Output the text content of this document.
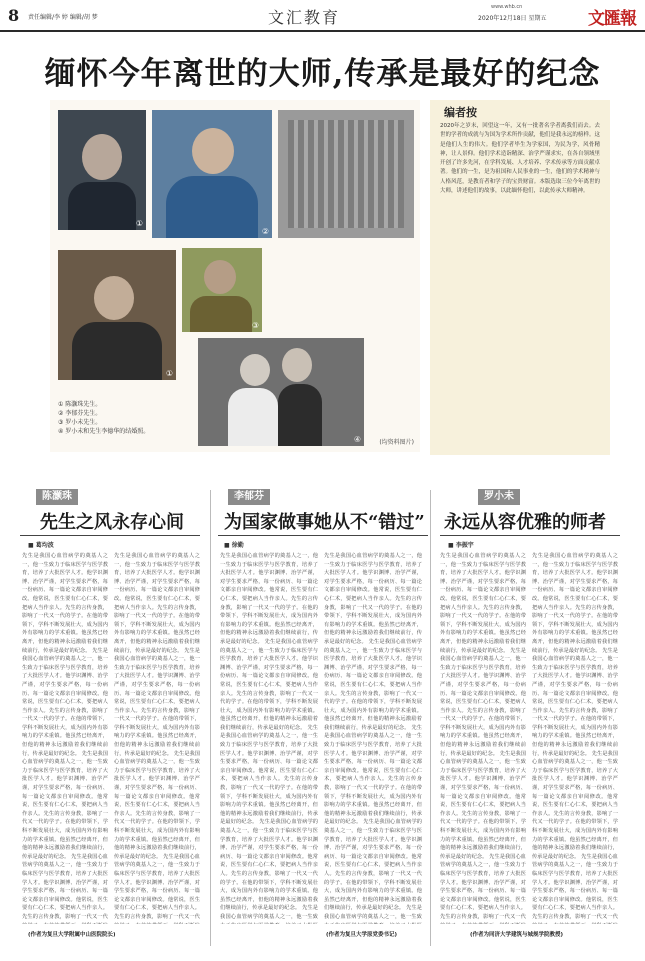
8 责任编辑/李 婷 编辑/胡 梦	文汇教育
www.whb.cn
2020年12月18日 星期五 文匯報
缅怀今年离世的大师,传承是最好的纪念
①
②
①
③
④
① 陈灏珠先生。
② 李郁芬先生。
③ 罗小未先生。
④ 罗小未和先生李德华的结婚照。
(均资料图片)
编者按
2020年之岁末，回望这一年，又有一批著名学者离我们而去。去世的学者的成就与为国为学术所作贡献，他们是我永远的榜样。这是他们人生的伟大。他们学者毕生为学家国，为民为学，风骨精神，让人景仰。他们学术造诣精深、治学严谨求实，在各自领域里开创了许多先河，在学科发展、人才培养、学术传承等方面贡献卓著。他们的一生，是为祖国和人民事业的一生，他们的学术精神与人格风范，是教育者和学子的宝贵财富。本版选取三位今年离世的大师，讲述他们的故事，以此缅怀他们，以此传承大师精神。
陈灏珠
先生之风永存心间
■ 葛均波
先生是我国心血管病学的奠基人之一，他一生致力于临床医学与医学教育，培养了大批医学人才。他学识渊博、治学严谨，对学生要求严格，每一份病历、每一篇论文都亲自审阅修改。他常说，医生要有仁心仁术，要把病人当作亲人。先生的言传身教，影响了一代又一代的学子。在他的带领下，学科不断发展壮大，成为国内外有影响力的学术重镇。他虽然已经离开，但他的精神永远激励着我们继续前行，传承是最好的纪念。 先生是我国心血管病学的奠基人之一，他一生致力于临床医学与医学教育，培养了大批医学人才。他学识渊博、治学严谨，对学生要求严格，每一份病历、每一篇论文都亲自审阅修改。他常说，医生要有仁心仁术，要把病人当作亲人。先生的言传身教，影响了一代又一代的学子。在他的带领下，学科不断发展壮大，成为国内外有影响力的学术重镇。他虽然已经离开，但他的精神永远激励着我们继续前行，传承是最好的纪念。 先生是我国心血管病学的奠基人之一，他一生致力于临床医学与医学教育，培养了大批医学人才。他学识渊博、治学严谨，对学生要求严格，每一份病历、每一篇论文都亲自审阅修改。他常说，医生要有仁心仁术，要把病人当作亲人。先生的言传身教，影响了一代又一代的学子。在他的带领下，学科不断发展壮大，成为国内外有影响力的学术重镇。他虽然已经离开，但他的精神永远激励着我们继续前行，传承是最好的纪念。 先生是我国心血管病学的奠基人之一，他一生致力于临床医学与医学教育，培养了大批医学人才。他学识渊博、治学严谨，对学生要求严格，每一份病历、每一篇论文都亲自审阅修改。他常说，医生要有仁心仁术，要把病人当作亲人。先生的言传身教，影响了一代又一代
先生是我国心血管病学的奠基人之一，他一生致力于临床医学与医学教育，培养了大批医学人才。他学识渊博、治学严谨，对学生要求严格，每一份病历、每一篇论文都亲自审阅修改。他常说，医生要有仁心仁术，要把病人当作亲人。先生的言传身教，影响了一代又一代的学子。在他的带领下，学科不断发展壮大，成为国内外有影响力的学术重镇。他虽然已经离开，但他的精神永远激励着我们继续前行，传承是最好的纪念。 先生是我国心血管病学的奠基人之一，他一生致力于临床医学与医学教育，培养了大批医学人才。他学识渊博、治学严谨，对学生要求严格，每一份病历、每一篇论文都亲自审阅修改。他常说，医生要有仁心仁术，要把病人当作亲人。先生的言传身教，影响了一代又一代的学子。在他的带领下，学科不断发展壮大，成为国内外有影响力的学术重镇。他虽然已经离开，但他的精神永远激励着我们继续前行，传承是最好的纪念。 先生是我国心血管病学的奠基人之一，他一生致力于临床医学与医学教育，培养了大批医学人才。他学识渊博、治学严谨，对学生要求严格，每一份病历、每一篇论文都亲自审阅修改。他常说，医生要有仁心仁术，要把病人当作亲人。先生的言传身教，影响了一代又一代的学子。在他的带领下，学科不断发展壮大，成为国内外有影响力的学术重镇。他虽然已经离开，但他的精神永远激励着我们继续前行，传承是最好的纪念。 先生是我国心血管病学的奠基人之一，他一生致力于临床医学与医学教育，培养了大批医学人才。他学识渊博、治学严谨，对学生要求严格，每一份病历、每一篇论文都亲自审阅修改。他常说，医生要有仁心仁术，要把病人当作亲人。先生的言传身教，影响了一代又一代
(作者为复旦大学附属中山医院院长)
李郁芬
为国家做事她从不“错过”
■ 徐勤
先生是我国心血管病学的奠基人之一，他一生致力于临床医学与医学教育，培养了大批医学人才。他学识渊博、治学严谨，对学生要求严格，每一份病历、每一篇论文都亲自审阅修改。他常说，医生要有仁心仁术，要把病人当作亲人。先生的言传身教，影响了一代又一代的学子。在他的带领下，学科不断发展壮大，成为国内外有影响力的学术重镇。他虽然已经离开，但他的精神永远激励着我们继续前行，传承是最好的纪念。 先生是我国心血管病学的奠基人之一，他一生致力于临床医学与医学教育，培养了大批医学人才。他学识渊博、治学严谨，对学生要求严格，每一份病历、每一篇论文都亲自审阅修改。他常说，医生要有仁心仁术，要把病人当作亲人。先生的言传身教，影响了一代又一代的学子。在他的带领下，学科不断发展壮大，成为国内外有影响力的学术重镇。他虽然已经离开，但他的精神永远激励着我们继续前行，传承是最好的纪念。 先生是我国心血管病学的奠基人之一，他一生致力于临床医学与医学教育，培养了大批医学人才。他学识渊博、治学严谨，对学生要求严格，每一份病历、每一篇论文都亲自审阅修改。他常说，医生要有仁心仁术，要把病人当作亲人。先生的言传身教，影响了一代又一代的学子。在他的带领下，学科不断发展壮大，成为国内外有影响力的学术重镇。他虽然已经离开，但他的精神永远激励着我们继续前行，传承是最好的纪念。 先生是我国心血管病学的奠基人之一，他一生致力于临床医学与医学教育，培养了大批医学人才。他学识渊博、治学严谨，对学生要求严格，每一份病历、每一篇论文都亲自审阅修改。他常说，医生要有仁心仁术，要把病人当作亲人。先生的言传身教，影响了一代又一代的学子。在他的带领下，学科不断发展壮大，成为国内外有影响力的学术重镇。他虽然已经离开，但他的精神永远激励着我们继续前行，传承是最好的纪念。 先生是我国心血管病学的奠基人之一，他一生致
先生是我国心血管病学的奠基人之一，他一生致力于临床医学与医学教育，培养了大批医学人才。他学识渊博、治学严谨，对学生要求严格，每一份病历、每一篇论文都亲自审阅修改。他常说，医生要有仁心仁术，要把病人当作亲人。先生的言传身教，影响了一代又一代的学子。在他的带领下，学科不断发展壮大，成为国内外有影响力的学术重镇。他虽然已经离开，但他的精神永远激励着我们继续前行，传承是最好的纪念。 先生是我国心血管病学的奠基人之一，他一生致力于临床医学与医学教育，培养了大批医学人才。他学识渊博、治学严谨，对学生要求严格，每一份病历、每一篇论文都亲自审阅修改。他常说，医生要有仁心仁术，要把病人当作亲人。先生的言传身教，影响了一代又一代的学子。在他的带领下，学科不断发展壮大，成为国内外有影响力的学术重镇。他虽然已经离开，但他的精神永远激励着我们继续前行，传承是最好的纪念。 先生是我国心血管病学的奠基人之一，他一生致力于临床医学与医学教育，培养了大批医学人才。他学识渊博、治学严谨，对学生要求严格，每一份病历、每一篇论文都亲自审阅修改。他常说，医生要有仁心仁术，要把病人当作亲人。先生的言传身教，影响了一代又一代的学子。在他的带领下，学科不断发展壮大，成为国内外有影响力的学术重镇。他虽然已经离开，但他的精神永远激励着我们继续前行，传承是最好的纪念。 先生是我国心血管病学的奠基人之一，他一生致力于临床医学与医学教育，培养了大批医学人才。他学识渊博、治学严谨，对学生要求严格，每一份病历、每一篇论文都亲自审阅修改。他常说，医生要有仁心仁术，要把病人当作亲人。先生的言传身教，影响了一代又一代的学子。在他的带领下，学科不断发展壮大，成为国内外有影响力的学术重镇。他虽然已经离开，但他的精神永远激励着我们继续前行，传承是最好的纪念。 先生是我国心血管病学的奠基人之一，他一生致
(作者为复旦大学原党委书记)
罗小未
永远从容优雅的师者
■ 李振宇
先生是我国心血管病学的奠基人之一，他一生致力于临床医学与医学教育，培养了大批医学人才。他学识渊博、治学严谨，对学生要求严格，每一份病历、每一篇论文都亲自审阅修改。他常说，医生要有仁心仁术，要把病人当作亲人。先生的言传身教，影响了一代又一代的学子。在他的带领下，学科不断发展壮大，成为国内外有影响力的学术重镇。他虽然已经离开，但他的精神永远激励着我们继续前行，传承是最好的纪念。 先生是我国心血管病学的奠基人之一，他一生致力于临床医学与医学教育，培养了大批医学人才。他学识渊博、治学严谨，对学生要求严格，每一份病历、每一篇论文都亲自审阅修改。他常说，医生要有仁心仁术，要把病人当作亲人。先生的言传身教，影响了一代又一代的学子。在他的带领下，学科不断发展壮大，成为国内外有影响力的学术重镇。他虽然已经离开，但他的精神永远激励着我们继续前行，传承是最好的纪念。 先生是我国心血管病学的奠基人之一，他一生致力于临床医学与医学教育，培养了大批医学人才。他学识渊博、治学严谨，对学生要求严格，每一份病历、每一篇论文都亲自审阅修改。他常说，医生要有仁心仁术，要把病人当作亲人。先生的言传身教，影响了一代又一代的学子。在他的带领下，学科不断发展壮大，成为国内外有影响力的学术重镇。他虽然已经离开，但他的精神永远激励着我们继续前行，传承是最好的纪念。 先生是我国心血管病学的奠基人之一，他一生致力于临床医学与医学教育，培养了大批医学人才。他学识渊博、治学严谨，对学生要求严格，每一份病历、每一篇论文都亲自审阅修改。他常说，医生要有仁心仁术，要把病人当作亲人。先生的言传身教，影响了一代又一代
先生是我国心血管病学的奠基人之一，他一生致力于临床医学与医学教育，培养了大批医学人才。他学识渊博、治学严谨，对学生要求严格，每一份病历、每一篇论文都亲自审阅修改。他常说，医生要有仁心仁术，要把病人当作亲人。先生的言传身教，影响了一代又一代的学子。在他的带领下，学科不断发展壮大，成为国内外有影响力的学术重镇。他虽然已经离开，但他的精神永远激励着我们继续前行，传承是最好的纪念。 先生是我国心血管病学的奠基人之一，他一生致力于临床医学与医学教育，培养了大批医学人才。他学识渊博、治学严谨，对学生要求严格，每一份病历、每一篇论文都亲自审阅修改。他常说，医生要有仁心仁术，要把病人当作亲人。先生的言传身教，影响了一代又一代的学子。在他的带领下，学科不断发展壮大，成为国内外有影响力的学术重镇。他虽然已经离开，但他的精神永远激励着我们继续前行，传承是最好的纪念。 先生是我国心血管病学的奠基人之一，他一生致力于临床医学与医学教育，培养了大批医学人才。他学识渊博、治学严谨，对学生要求严格，每一份病历、每一篇论文都亲自审阅修改。他常说，医生要有仁心仁术，要把病人当作亲人。先生的言传身教，影响了一代又一代的学子。在他的带领下，学科不断发展壮大，成为国内外有影响力的学术重镇。他虽然已经离开，但他的精神永远激励着我们继续前行，传承是最好的纪念。 先生是我国心血管病学的奠基人之一，他一生致力于临床医学与医学教育，培养了大批医学人才。他学识渊博、治学严谨，对学生要求严格，每一份病历、每一篇论文都亲自审阅修改。他常说，医生要有仁心仁术，要把病人当作亲人。先生的言传身教，影响了一代又一代
(作者为同济大学建筑与城规学院教授)
